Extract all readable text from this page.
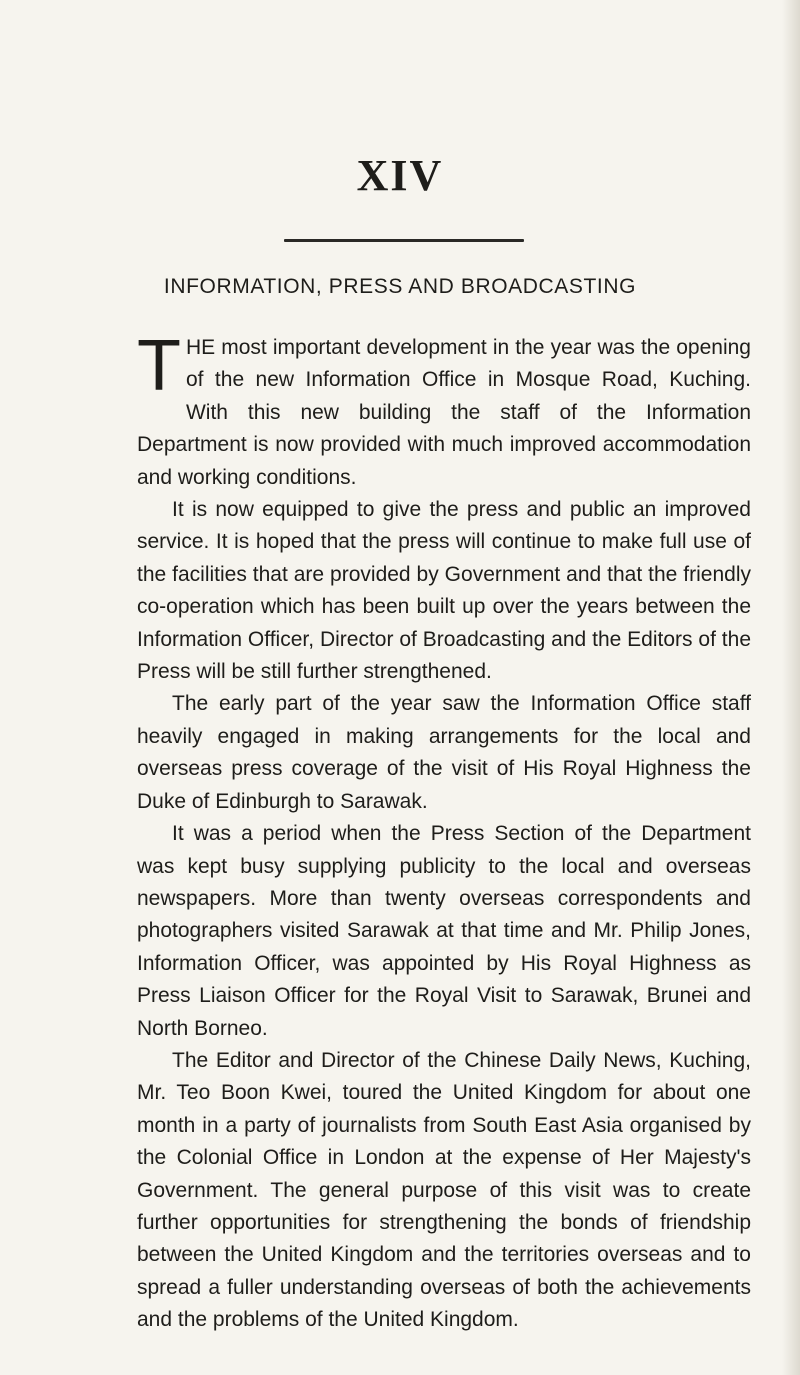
XIV
INFORMATION, PRESS AND BROADCASTING

THE most important development in the year was the opening of the new Information Office in Mosque Road, Kuching. With this new building the staff of the Information Department is now provided with much improved accommodation and working conditions.

It is now equipped to give the press and public an improved service. It is hoped that the press will continue to make full use of the facilities that are provided by Government and that the friendly co-operation which has been built up over the years between the Information Officer, Director of Broadcasting and the Editors of the Press will be still further strengthened.

The early part of the year saw the Information Office staff heavily engaged in making arrangements for the local and overseas press coverage of the visit of His Royal Highness the Duke of Edinburgh to Sarawak.

It was a period when the Press Section of the Department was kept busy supplying publicity to the local and overseas newspapers. More than twenty overseas correspondents and photographers visited Sarawak at that time and Mr. Philip Jones, Information Officer, was appointed by His Royal Highness as Press Liaison Officer for the Royal Visit to Sarawak, Brunei and North Borneo.

The Editor and Director of the Chinese Daily News, Kuching, Mr. Teo Boon Kwei, toured the United Kingdom for about one month in a party of journalists from South East Asia organised by the Colonial Office in London at the expense of Her Majesty's Government. The general purpose of this visit was to create further opportunities for strengthening the bonds of friendship between the United Kingdom and the territories overseas and to spread a fuller understanding overseas of both the achievements and the problems of the United Kingdom.
